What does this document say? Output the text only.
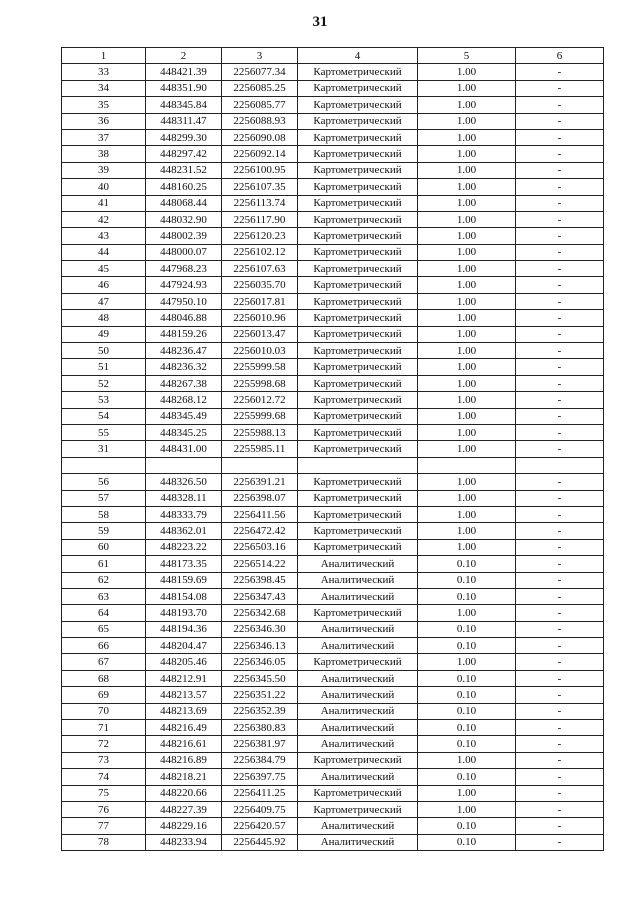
31
1	2	3	4	5	6
33	448421.39	2256077.34	Картометрический	1.00	-
34	448351.90	2256085.25	Картометрический	1.00	-
35	448345.84	2256085.77	Картометрический	1.00	-
36	448311.47	2256088.93	Картометрический	1.00	-
37	448299.30	2256090.08	Картометрический	1.00	-
38	448297.42	2256092.14	Картометрический	1.00	-
39	448231.52	2256100.95	Картометрический	1.00	-
40	448160.25	2256107.35	Картометрический	1.00	-
41	448068.44	2256113.74	Картометрический	1.00	-
42	448032.90	2256117.90	Картометрический	1.00	-
43	448002.39	2256120.23	Картометрический	1.00	-
44	448000.07	2256102.12	Картометрический	1.00	-
45	447968.23	2256107.63	Картометрический	1.00	-
46	447924.93	2256035.70	Картометрический	1.00	-
47	447950.10	2256017.81	Картометрический	1.00	-
48	448046.88	2256010.96	Картометрический	1.00	-
49	448159.26	2256013.47	Картометрический	1.00	-
50	448236.47	2256010.03	Картометрический	1.00	-
51	448236.32	2255999.58	Картометрический	1.00	-
52	448267.38	2255998.68	Картометрический	1.00	-
53	448268.12	2256012.72	Картометрический	1.00	-
54	448345.49	2255999.68	Картометрический	1.00	-
55	448345.25	2255988.13	Картометрический	1.00	-
31	448431.00	2255985.11	Картометрический	1.00	-

56	448326.50	2256391.21	Картометрический	1.00	-
57	448328.11	2256398.07	Картометрический	1.00	-
58	448333.79	2256411.56	Картометрический	1.00	-
59	448362.01	2256472.42	Картометрический	1.00	-
60	448223.22	2256503.16	Картометрический	1.00	-
61	448173.35	2256514.22	Аналитический	0.10	-
62	448159.69	2256398.45	Аналитический	0.10	-
63	448154.08	2256347.43	Аналитический	0.10	-
64	448193.70	2256342.68	Картометрический	1.00	-
65	448194.36	2256346.30	Аналитический	0.10	-
66	448204.47	2256346.13	Аналитический	0.10	-
67	448205.46	2256346.05	Картометрический	1.00	-
68	448212.91	2256345.50	Аналитический	0.10	-
69	448213.57	2256351.22	Аналитический	0.10	-
70	448213.69	2256352.39	Аналитический	0.10	-
71	448216.49	2256380.83	Аналитический	0.10	-
72	448216.61	2256381.97	Аналитический	0.10	-
73	448216.89	2256384.79	Картометрический	1.00	-
74	448218.21	2256397.75	Аналитический	0.10	-
75	448220.66	2256411.25	Картометрический	1.00	-
76	448227.39	2256409.75	Картометрический	1.00	-
77	448229.16	2256420.57	Аналитический	0.10	-
78	448233.94	2256445.92	Аналитический	0.10	-
